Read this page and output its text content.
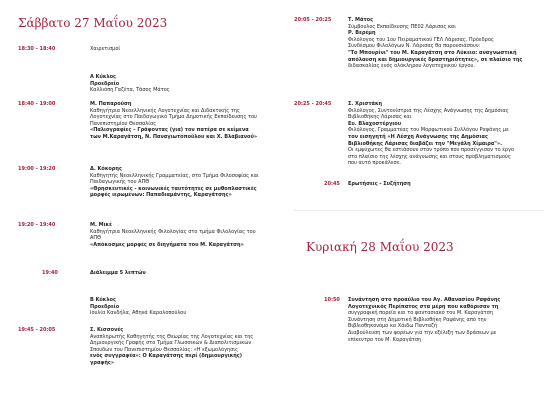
Σάββατο 27 Μαΐου 2023
18:30 - 18:40	Χαιρετισμοί
Α Κύκλος
Προεδρείο
Καλλιόπη Γαζέτα, Τάσος Μάτος
18:40 - 19:00	Μ. Παπαρούση
Καθηγήτρια Νεοελληνικής Λογοτεχνίας και Διδακτικής της
Λογοτεχνίας στο Παιδαγωγικό Τμήμα Δημοτικής Εκπαίδευσης του
Πανεπιστημίου Θεσσαλίας
«Παλιογραφίες – Γράφοντας (για) τον πατέρα σε κείμενα
των Μ.Καραγάτση, Ν. Παναγιωτοπούλου και Χ. Βλαβιανού»
19:00 - 19:20	Δ. Κόκορης
Καθηγητής Νεοελληνικής Γραμματείας, στο Τμήμα Φιλοσοφίας και
Παιδαγωγικής του ΑΠΘ
«Θρησκευτικές - κοινωνικές ταυτότητες σε μυθοπλαστικές
μορφές ιερωμένων: Παπαδιαμάντης, Καραγάτσης»
19:20 - 19:40	Μ. Μικέ
Καθηγήτρια Νεοελληνικής Φιλολογίας στο τμήμα Φιλολογίας του
ΑΠΘ
«Απόκοσμες μορφές σε διηγήματα του Μ. Καραγάτση»
19:40	Διάλειμμα 5 λεπτών
Β Κύκλος
Προεδρείο
Ιουλία Κανδήλα, Αθηνά Καραλοπούλου
19:45 - 20:05	Σ. Κισσονές
Αναπληρωτής Καθηγητής της Θεωρίας της Λογοτεχνίας και της
Δημιουργικής Γραφής στο Τμήμα Γλωσσικών & Διαπολιτισμικών
Σπουδών του Πανεπιστημίου Θεσσαλίας: «Η εξωμολόγησις
ενός συγγραφέα»: Ο Καραγάτσης περί (δημιουργικής)
γραφής»
20:05 - 20:25	Τ. Μάτος
Σύμβουλος Εκπαίδευσης ΠΕ02 Λάρισας και
Ρ. Βερέμη
Φιλόλογος του 1ου Πειραματικού ΓΕΛ Λάρισας, Πρόεδρος
Συνδέσμου Φιλολόγων Ν. Λάρισας θα παρουσιάσουν:
"Το Μπουρίνι" του Μ. Καραγάτση στο Λύκειο: αναγνωστική
απόλαυση και δημιουργικές δραστηριότητες», σε πλαίσιο της
διδασκαλίας ενός ολόκληρου λογοτεχνικού έργου.
20:25 - 20:45	Σ. Χριστάκη
Φιλόλογος, Συντονίστρια της Λέσχης Ανάγνωσης της Δημόσιας
Βιβλιοθήκης Λάρισας και
Ευ. Βλαχοστέργιου
Φιλόλογος, Γραμματέας του Μορφωτικού Συλλόγου Ραψάνης με
τον εισηγητή «Η Λέσχη Ανάγνωσης της Δημόσιας
Βιβλιοθήκης Λάρισας διαβάζει την "Μεγάλη Χίμαιρα"».
Οι εμψύχωτες θα εστιάσουν στον τρόπο που προσέγγισαν το έργο
στο πλαίσιο της λέσχης ανάγνωσης και στους προβληματισμούς
που αυτό προκάλεσε.
20:45 Ερωτήσεις - Συζήτηση
Κυριακή 28 Μαΐου 2023
10:50 Συνάντηση στο προαύλιο του Αγ. Αθανασίου Ραψάνης
Λογοτεχνικός Περίπατος στα μέρη που καθόρισαν τη
συγγραφική πορεία και το φαντασιακό του Μ. Καραγάτση
Συνάντηση στη Δημοτική Βιβλιοθήκη Ραψάνης από την
Βιβλιοθηκονόμο κα Χάιδω Πανταζή
Διαβούλευση των φορέων για την εξέλιξη των δράσεων με
επίκεντρο τον Μ. Καραγάτση
